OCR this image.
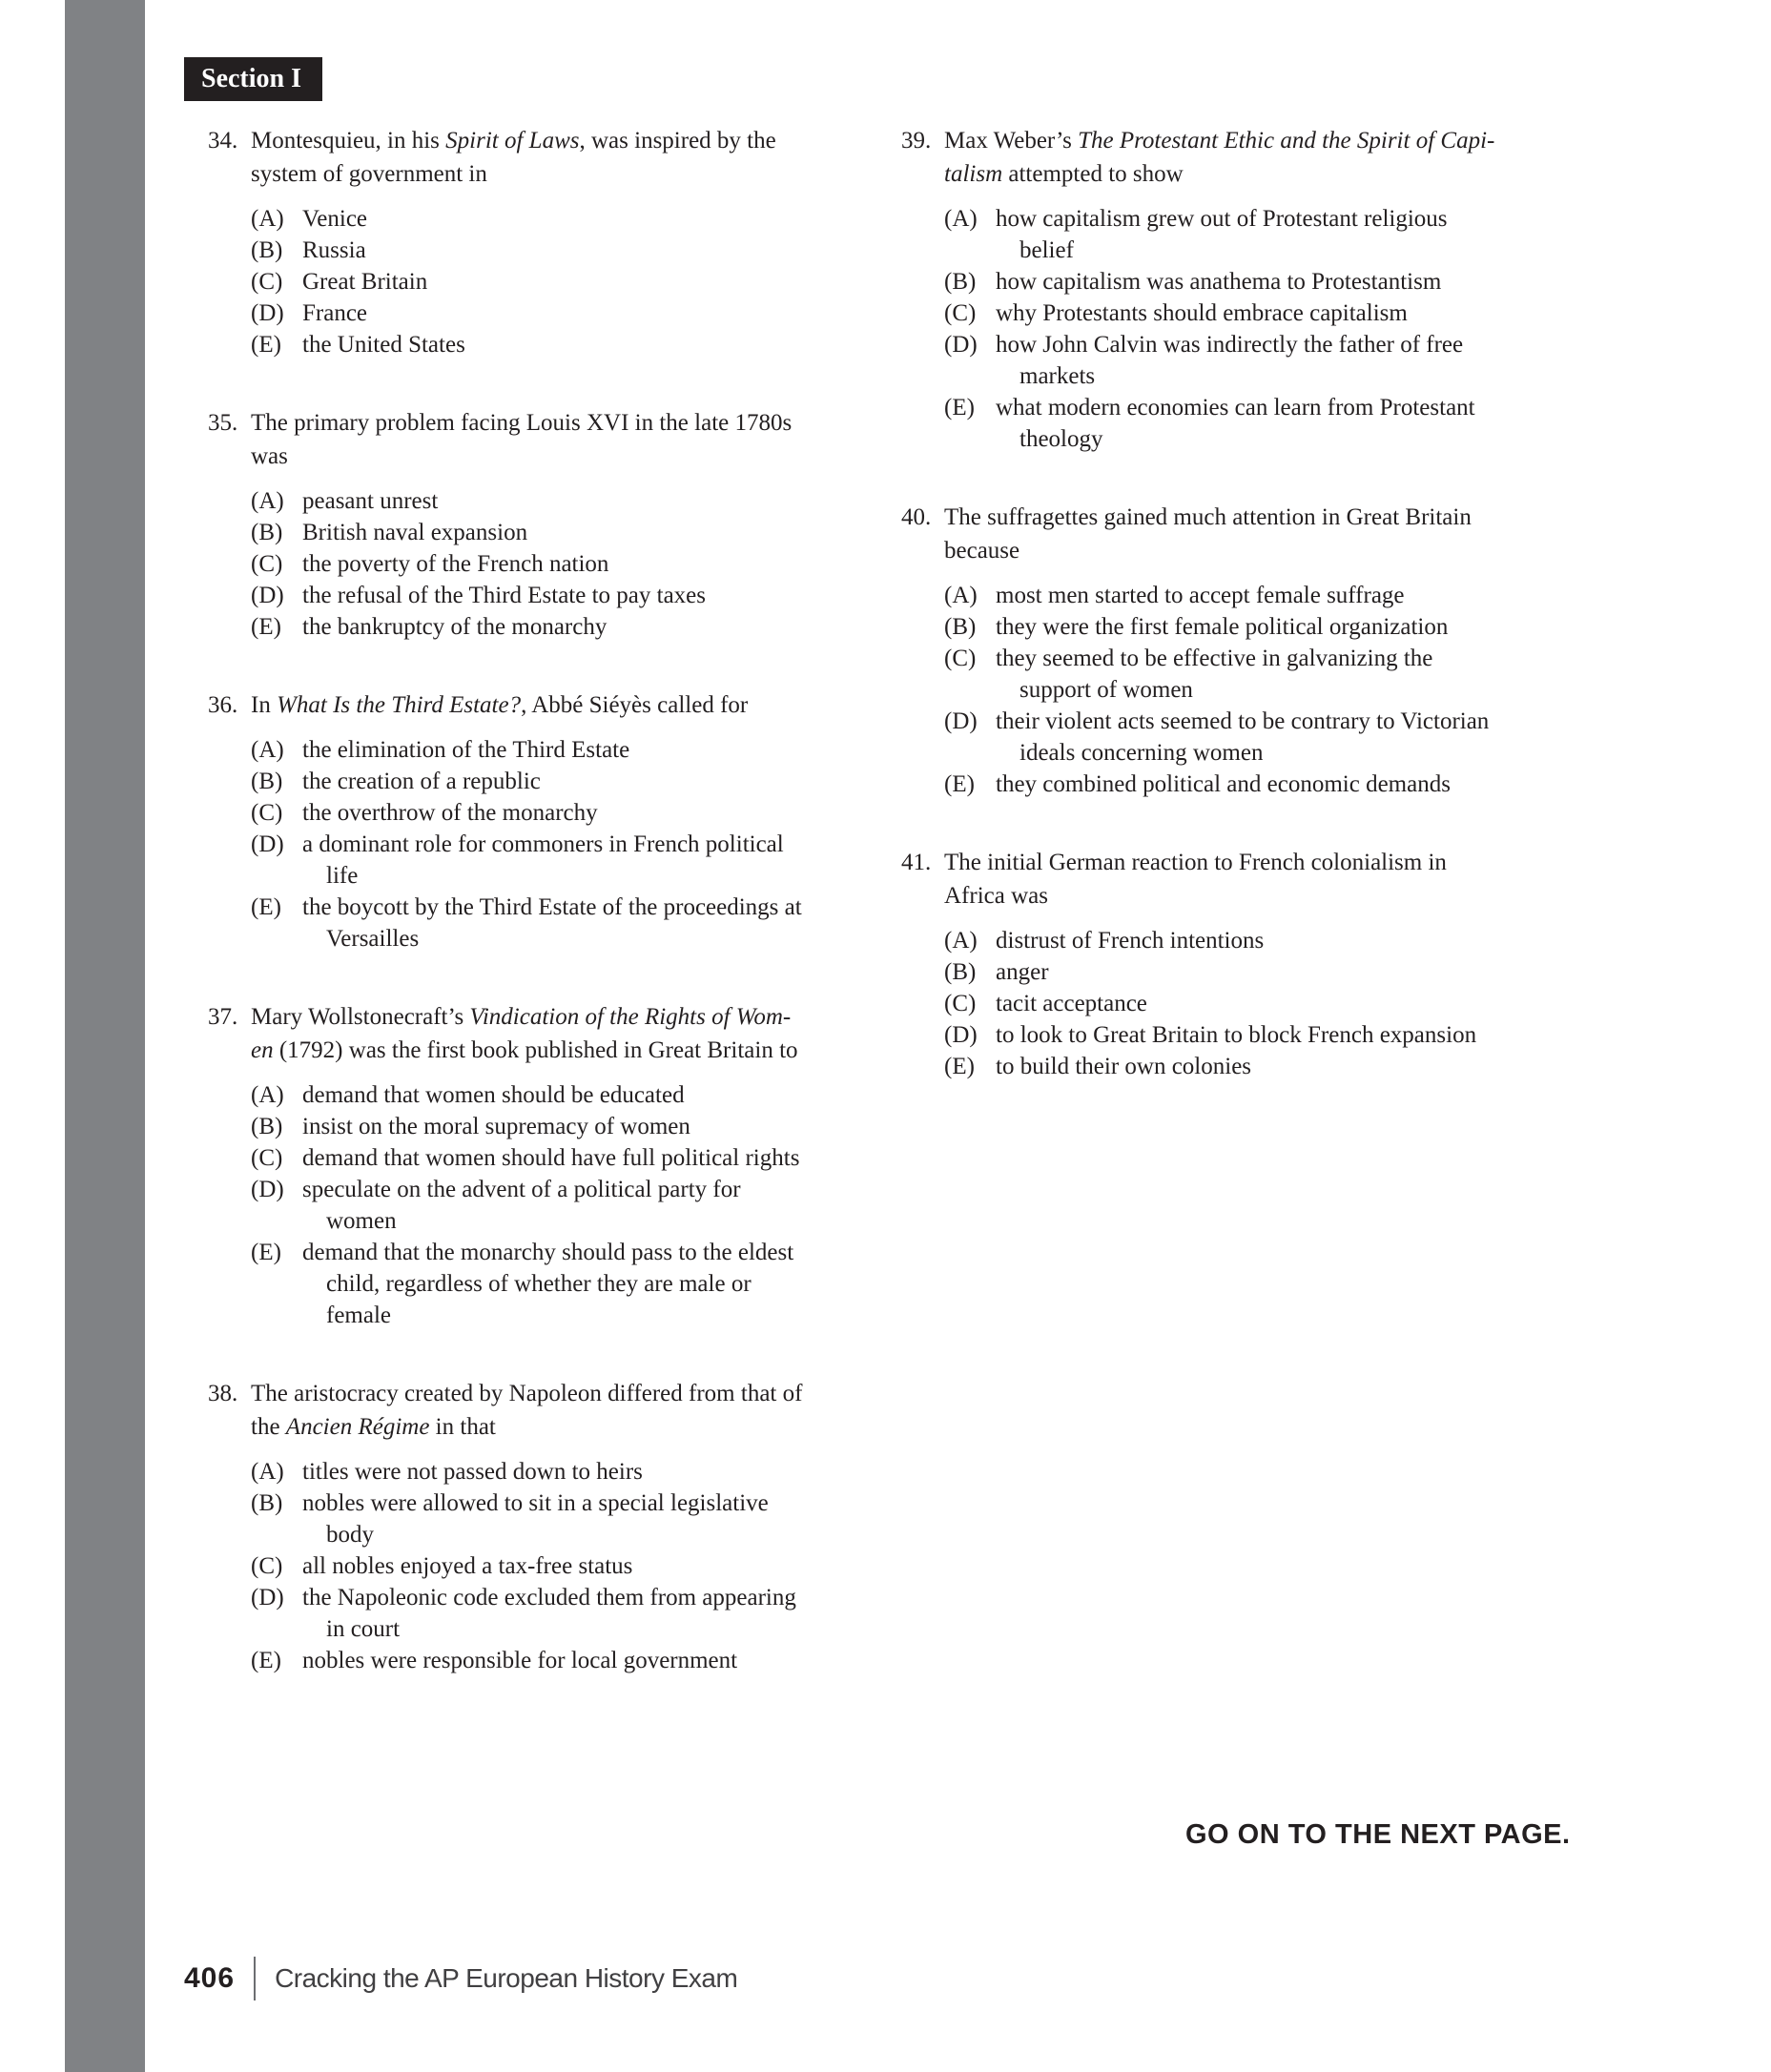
Section I
34. Montesquieu, in his Spirit of Laws, was inspired by the
system of government in
(A) Venice
(B) Russia
(C) Great Britain
(D) France
(E) the United States
35. The primary problem facing Louis XVI in the late 1780s
was
(A) peasant unrest
(B) British naval expansion
(C) the poverty of the French nation
(D) the refusal of the Third Estate to pay taxes
(E) the bankruptcy of the monarchy
36. In What Is the Third Estate?, Abbé Siéyès called for
(A) the elimination of the Third Estate
(B) the creation of a republic
(C) the overthrow of the monarchy
(D) a dominant role for commoners in French political
life
(E) the boycott by the Third Estate of the proceedings at
Versailles
37. Mary Wollstonecraft’s Vindication of the Rights of Wom-
en (1792) was the first book published in Great Britain to
(A) demand that women should be educated
(B) insist on the moral supremacy of women
(C) demand that women should have full political rights
(D) speculate on the advent of a political party for
women
(E) demand that the monarchy should pass to the eldest
child, regardless of whether they are male or
female
38. The aristocracy created by Napoleon differed from that of
the Ancien Régime in that
(A) titles were not passed down to heirs
(B) nobles were allowed to sit in a special legislative
body
(C) all nobles enjoyed a tax-free status
(D) the Napoleonic code excluded them from appearing
in court
(E) nobles were responsible for local government
39. Max Weber’s The Protestant Ethic and the Spirit of Capi-
talism attempted to show
(A) how capitalism grew out of Protestant religious
belief
(B) how capitalism was anathema to Protestantism
(C) why Protestants should embrace capitalism
(D) how John Calvin was indirectly the father of free
markets
(E) what modern economies can learn from Protestant
theology
40. The suffragettes gained much attention in Great Britain
because
(A) most men started to accept female suffrage
(B) they were the first female political organization
(C) they seemed to be effective in galvanizing the
support of women
(D) their violent acts seemed to be contrary to Victorian
ideals concerning women
(E) they combined political and economic demands
41. The initial German reaction to French colonialism in
Africa was
(A) distrust of French intentions
(B) anger
(C) tacit acceptance
(D) to look to Great Britain to block French expansion
(E) to build their own colonies
GO ON TO THE NEXT PAGE.
406 Cracking the AP European History Exam
